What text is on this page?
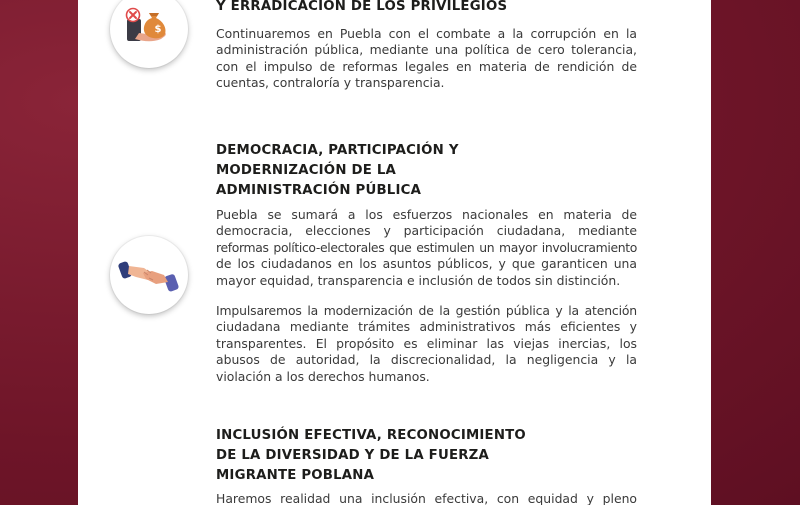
$
Y ERRADICACIÓN DE LOS PRIVILEGIOS
Continuaremos en Puebla con el combate a la corrupción en la
administración pública, mediante una política de cero tolerancia,
con el impulso de reformas legales en materia de rendición de
cuentas, contraloría y transparencia.
DEMOCRACIA, PARTICIPACIÓN Y
MODERNIZACIÓN DE LA
ADMINISTRACIÓN PÚBLICA
Puebla se sumará a los esfuerzos nacionales en materia de
democracia, elecciones y participación ciudadana, mediante
reformas político-electorales que estimulen un mayor involucramiento
de los ciudadanos en los asuntos públicos, y que garanticen una
mayor equidad, transparencia e inclusión de todos sin distinción.
Impulsaremos la modernización de la gestión pública y la atención
ciudadana mediante trámites administrativos más eficientes y
transparentes. El propósito es eliminar las viejas inercias, los
abusos de autoridad, la discrecionalidad, la negligencia y la
violación a los derechos humanos.
INCLUSIÓN EFECTIVA, RECONOCIMIENTO
DE LA DIVERSIDAD Y DE LA FUERZA
MIGRANTE POBLANA
Haremos realidad una inclusión efectiva, con equidad y pleno
